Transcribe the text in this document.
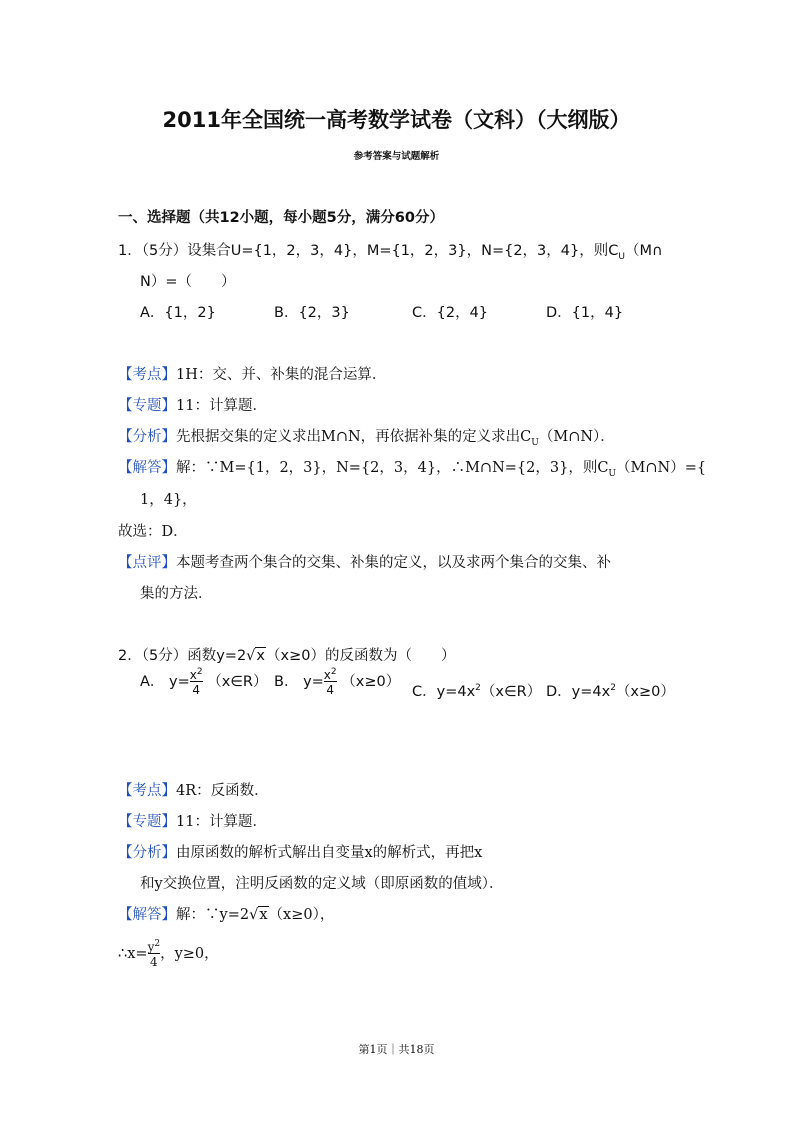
2011年全国统一高考数学试卷（文科）（大纲版）
参考答案与试题解析
一、选择题（共12小题，每小题5分，满分60分）
1．（5分）设集合U={1，2，3，4}，M={1，2，3}，N={2，3，4}，则$C_U(M\cap$
N）=（　　）
A．{1，2}	B．{2，3}	C．{2，4}	D．{1，4}
【考点】1H：交、并、补集的混合运算．
【专题】11：计算题．
【分析】先根据交集的定义求出M∩N，再依据补集的定义求出$C_U(M\cap N)$．
【解答】解：∵M={1，2，3}，N={2，3，4}，∴M∩N={2，3}，则$C_U(M\cap N)=${
1，4}，
故选：D．
【点评】本题考查两个集合的交集、补集的定义，以及求两个集合的交集、补
集的方法．
2．（5分）函数y=2√x（x≥0）的反函数为（　　）
A． $y= \frac{x^2}{4}$ （x∈R） B． $y= \frac{x^2}{4} (x\ge 0)$
C．$y=4x^2(x\in R)$ D．$y=4x^2(x\ge 0)$
【考点】4R：反函数．
【专题】11：计算题．
【分析】由原函数的解析式解出自变量x的解析式，再把x
和y交换位置，注明反函数的定义域（即原函数的值域）．
【解答】解：∵y=2√x（x≥0），
∴x= $\frac{y^2}{4}$ ，y≥0，
第1页｜共18页
